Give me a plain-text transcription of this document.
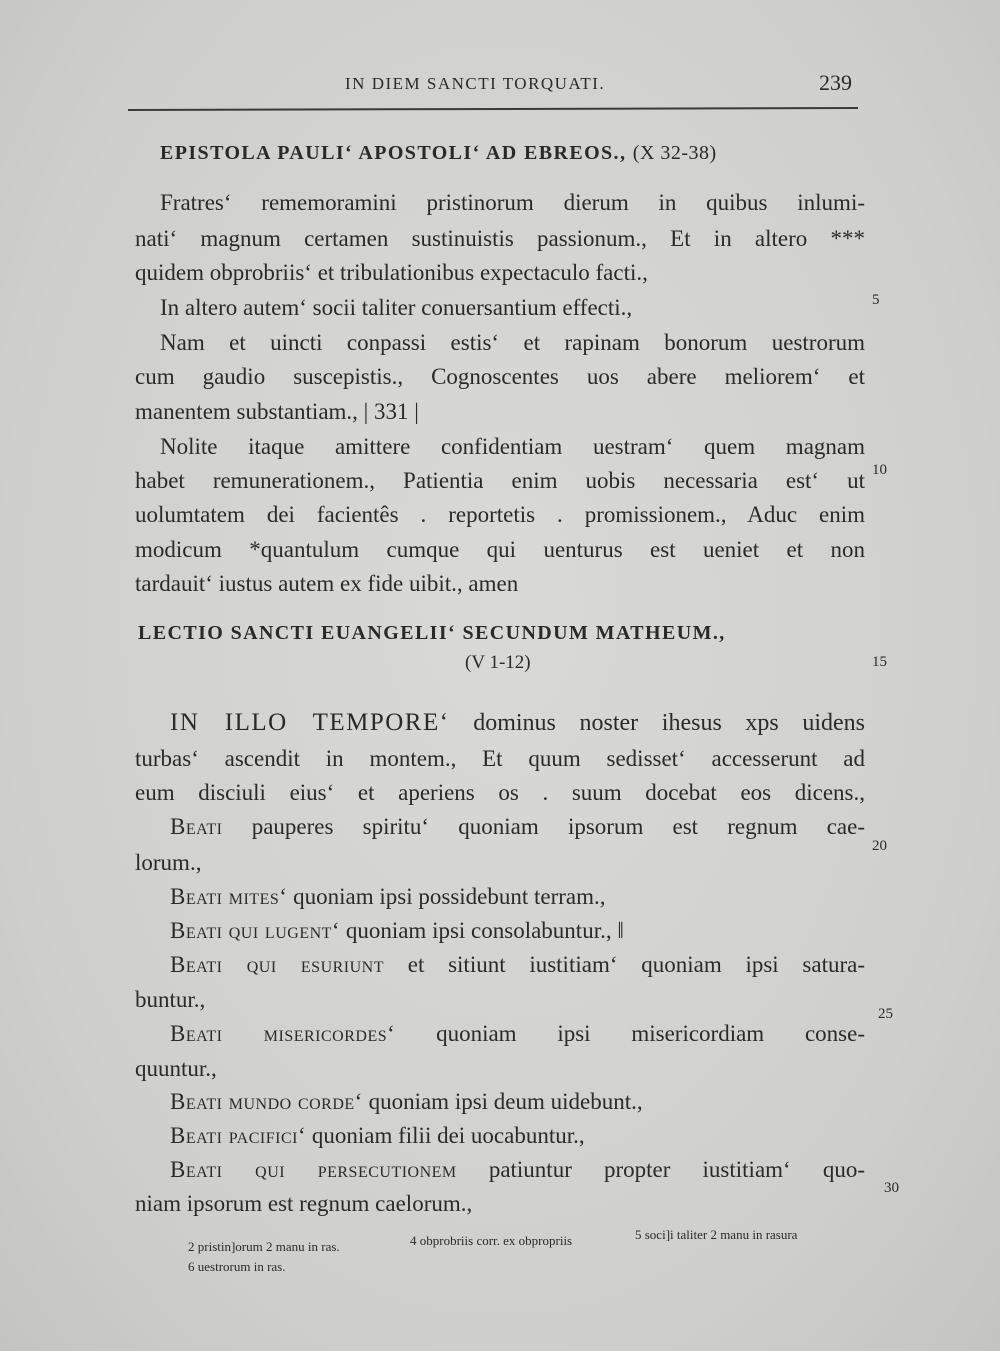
IN DIEM SANCTI TORQUATI.	239
EPISTOLA PAULI‘ APOSTOLI‘ AD EBREOS., (X 32-38)
Fratres‘ rememoramini pristinorum dierum in quibus inlumi-
nati‘ magnum certamen sustinuistis passionum., Et in altero ***
quidem obprobriis‘ et tribulationibus expectaculo facti.,
In altero autem‘ socii taliter conuersantium effecti.,
Nam et uincti conpassi estis‘ et rapinam bonorum uestrorum
cum gaudio suscepistis., Cognoscentes uos abere meliorem‘ et
manentem substantiam., | 331 |
Nolite itaque amittere confidentiam uestram‘ quem magnam
habet remunerationem., Patientia enim uobis necessaria est‘ ut
uolumtatem dei facientês . reportetis . promissionem., Aduc enim
modicum *quantulum cumque qui uenturus est ueniet et non
tardauit‘ iustus autem ex fide uibit., amen
LECTIO SANCTI EUANGELII‘ SECUNDUM MATHEUM.,
(V 1-12)
IN ILLO TEMPORE‘ dominus noster ihesus xps uidens
turbas‘ ascendit in montem., Et quum sedisset‘ accesserunt ad
eum disciuli eius‘ et aperiens os . suum docebat eos dicens.,
Beati pauperes spiritu‘ quoniam ipsorum est regnum cae-
lorum.,
Beati mites‘ quoniam ipsi possidebunt terram.,
Beati qui lugent‘ quoniam ipsi consolabuntur., ‖
Beati qui esuriunt et sitiunt iustitiam‘ quoniam ipsi satura-
buntur.,
Beati misericordes‘ quoniam ipsi misericordiam conse-
quuntur.,
Beati mundo corde‘ quoniam ipsi deum uidebunt.,
Beati pacifici‘ quoniam filii dei uocabuntur.,
Beati qui persecutionem patiuntur propter iustitiam‘ quo-
niam ipsorum est regnum caelorum.,
5
10
15
20
25
30
2 pristin]orum 2 manu in ras.	4 obprobriis corr. ex obpropriis	5 soci]i taliter 2 manu in rasura
6 uestrorum in ras.
